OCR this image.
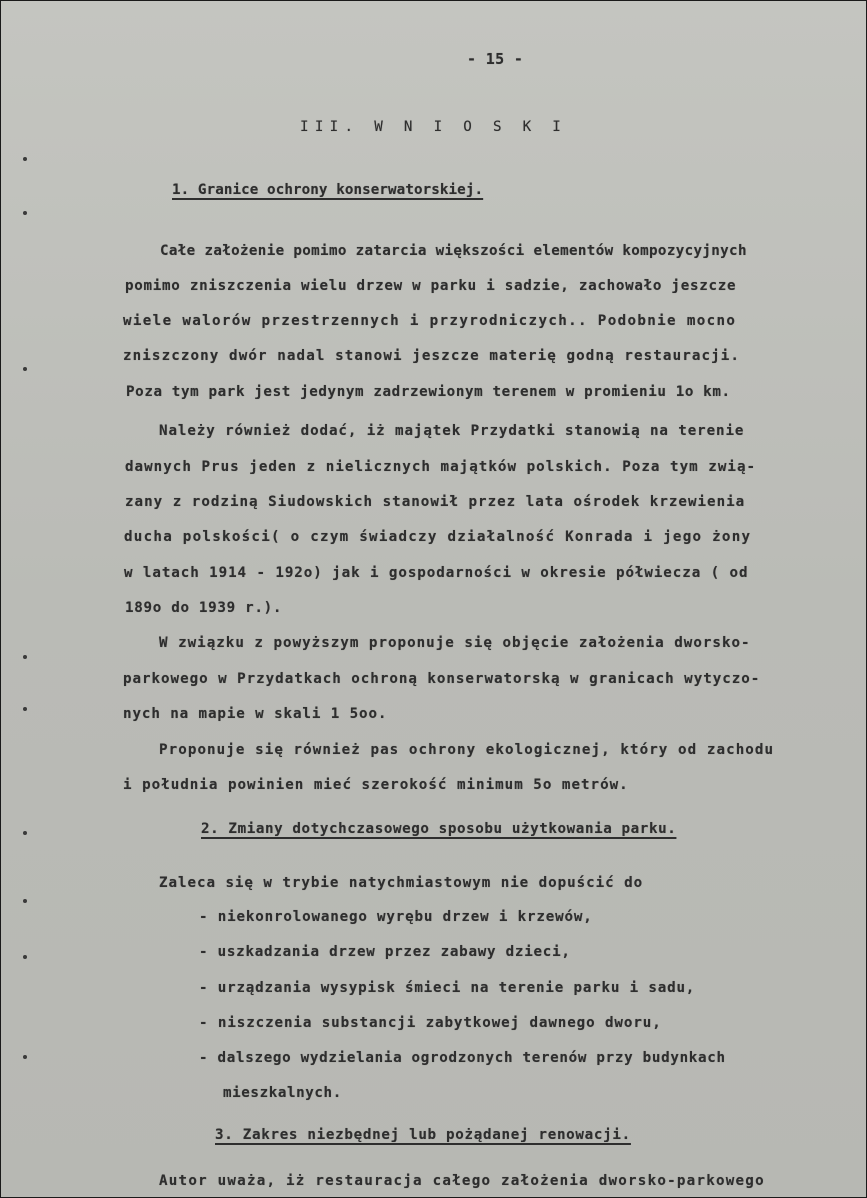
- 15 -
III. W N I O S K I
1. Granice ochrony konserwatorskiej.
Całe założenie pomimo zatarcia większości elementów kompozycyjnych
pomimo zniszczenia wielu drzew w parku i sadzie, zachowało jeszcze
wiele walorów przestrzennych i przyrodniczych.. Podobnie mocno
zniszczony dwór nadal stanowi jeszcze materię godną restauracji.
Poza tym park jest jedynym zadrzewionym terenem w promieniu 1o km.
Należy również dodać, iż majątek Przydatki stanowią na terenie
dawnych Prus jeden z nielicznych majątków polskich. Poza tym zwią-
zany z rodziną Siudowskich stanowił przez lata ośrodek krzewienia
ducha polskości( o czym świadczy działalność Konrada i jego żony
w latach 1914 - 192o) jak i gospodarności w okresie półwiecza ( od
189o do 1939 r.).
W związku z powyższym proponuje się objęcie założenia dworsko-
parkowego w Przydatkach ochroną konserwatorską w granicach wytyczo-
nych na mapie w skali 1 5oo.
Proponuje się również pas ochrony ekologicznej, który od zachodu
i południa powinien mieć szerokość minimum 5o metrów.
2. Zmiany dotychczasowego sposobu użytkowania parku.
Zaleca się w trybie natychmiastowym nie dopuścić do
- niekonrolowanego wyrębu drzew i krzewów,
- uszkadzania drzew przez zabawy dzieci,
- urządzania wysypisk śmieci na terenie parku i sadu,
- niszczenia substancji zabytkowej dawnego dworu,
- dalszego wydzielania ogrodzonych terenów przy budynkach
mieszkalnych.
3. Zakres niezbędnej lub pożądanej renowacji.
Autor uważa, iż restauracja całego założenia dworsko-parkowego
